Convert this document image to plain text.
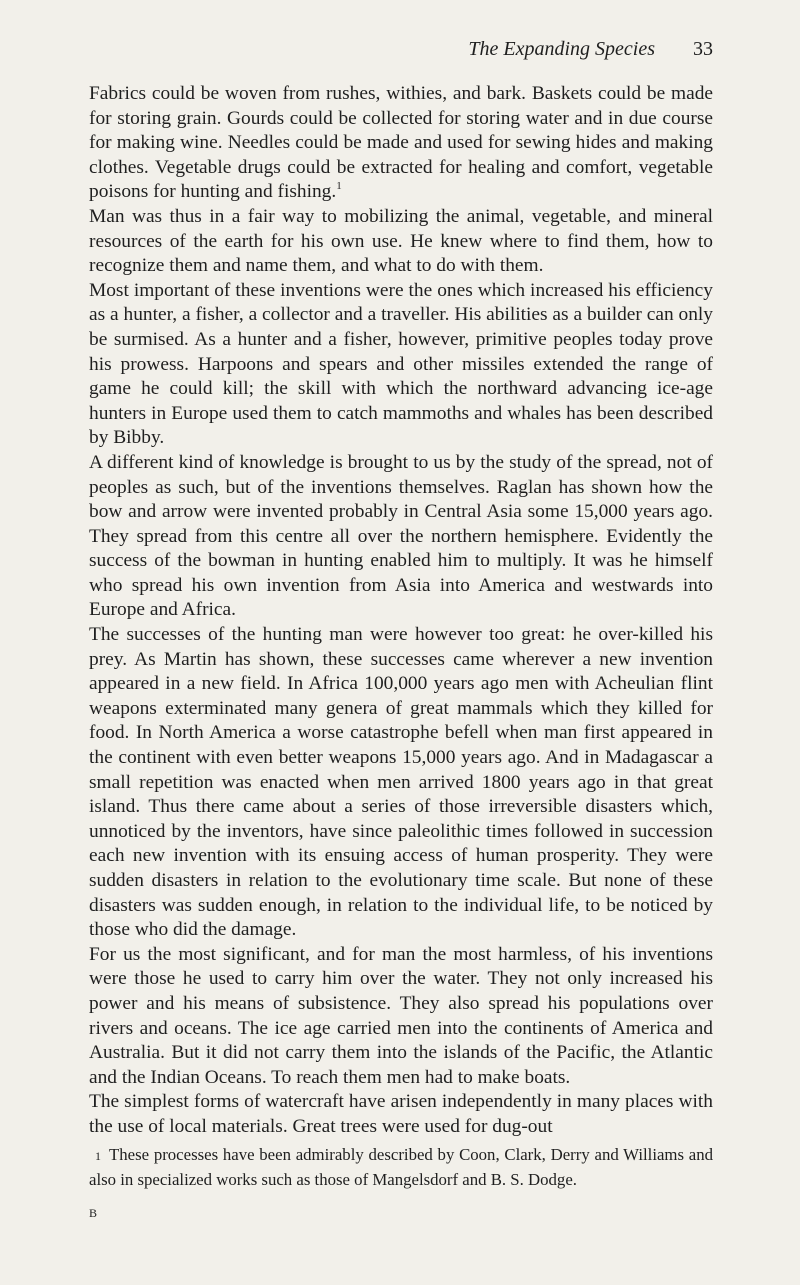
The Expanding Species 33

Fabrics could be woven from rushes, withies, and bark. Baskets could be made for storing grain. Gourds could be collected for storing water and in due course for making wine. Needles could be made and used for sewing hides and making clothes. Vegetable drugs could be extracted for healing and comfort, vegetable poisons for hunting and fishing.$^1$

Man was thus in a fair way to mobilizing the animal, vegetable, and mineral resources of the earth for his own use. He knew where to find them, how to recognize them and name them, and what to do with them.

Most important of these inventions were the ones which increased his efficiency as a hunter, a fisher, a collector and a traveller. His abilities as a builder can only be surmised. As a hunter and a fisher, however, primitive peoples today prove his prowess. Harpoons and spears and other missiles extended the range of game he could kill; the skill with which the northward advancing ice-age hunters in Europe used them to catch mammoths and whales has been described by Bibby.

A different kind of knowledge is brought to us by the study of the spread, not of peoples as such, but of the inventions themselves. Raglan has shown how the bow and arrow were invented probably in Central Asia some 15,000 years ago. They spread from this centre all over the northern hemisphere. Evidently the success of the bowman in hunting enabled him to multiply. It was he himself who spread his own invention from Asia into America and westwards into Europe and Africa.

The successes of the hunting man were however too great: he over-killed his prey. As Martin has shown, these successes came wherever a new invention appeared in a new field. In Africa 100,000 years ago men with Acheulian flint weapons exterminated many genera of great mammals which they killed for food. In North America a worse catastrophe befell when man first appeared in the continent with even better weapons 15,000 years ago. And in Madagascar a small repetition was enacted when men arrived 1800 years ago in that great island. Thus there came about a series of those irreversible disasters which, unnoticed by the inventors, have since paleolithic times followed in succession each new invention with its ensuing access of human prosperity. They were sudden disasters in relation to the evolutionary time scale. But none of these disasters was sudden enough, in relation to the individual life, to be noticed by those who did the damage.

For us the most significant, and for man the most harmless, of his inventions were those he used to carry him over the water. They not only increased his power and his means of subsistence. They also spread his populations over rivers and oceans. The ice age carried men into the continents of America and Australia. But it did not carry them into the islands of the Pacific, the Atlantic and the Indian Oceans. To reach them men had to make boats.

The simplest forms of watercraft have arisen independently in many places with the use of local materials. Great trees were used for dug-out

1 These processes have been admirably described by Coon, Clark, Derry and Williams and also in specialized works such as those of Mangelsdorf and B. S. Dodge.
B
